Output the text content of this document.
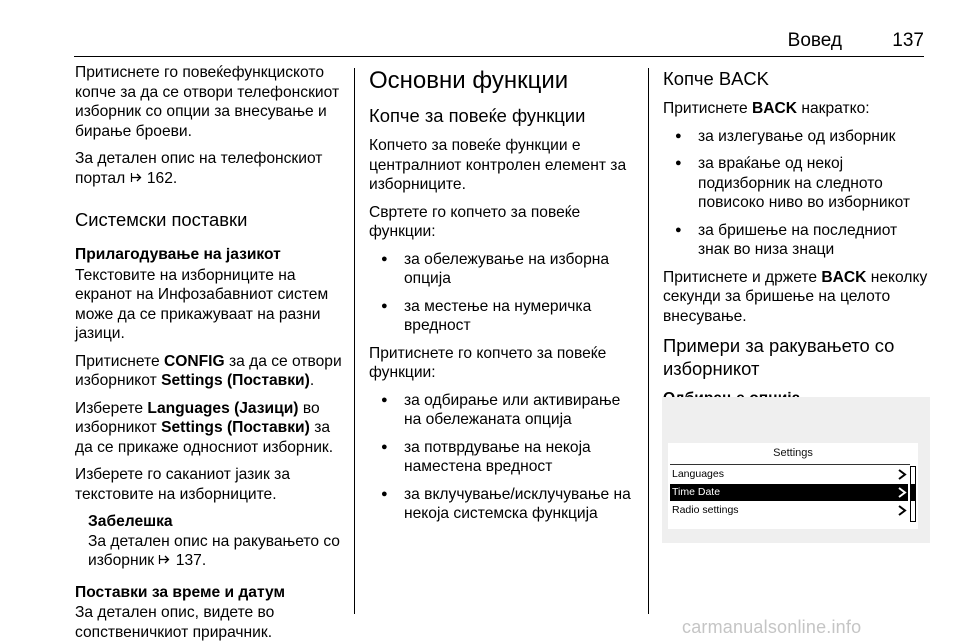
Вовед	137

Притиснете го повеќефункциското копче за да се отвори телефонскиот изборник со опции за внесување и бирање броеви.

За детален опис на телефонскиот портал 162.

Системски поставки
Прилагодување на јазикот

Текстовите на изборниците на екранот на Инфозабавниот систем може да се прикажуваат на разни јазици.

Притиснете CONFIG за да се отвори изборникот Settings (Поставки).

Изберете Languages (Јазици) во изборникот Settings (Поставки) за да се прикаже односниот изборник.

Изберете го саканиот јазик за текстовите на изборниците.

Забелешка
За детален опис на ракувањето со изборник 137.
Поставки за време и датум

За детален опис, видете во сопственичкиот прирачник.

Основни функции
Копче за повеќе функции

Копчето за повеќе функции е централниот контролен елемент за изборниците.

Свртете го копчето за повеќе функции:

● за обележување на изборна опција
● за местење на нумеричка вредност

Притиснете го копчето за повеќе функции:

● за одбирање или активирање на обележаната опција
● за потврдување на некоја наместена вредност
● за вклучување/исклучување на некоја системска функција
Копче BACK

Притиснете BACK накратко:

● за излегување од изборник
● за враќање од некој подизборник на следното повисоко ниво во изборникот
● за бришење на последниот знак во низа знаци

Притиснете и држете BACK неколку секунди за бришење на целото внесување.

Примери за ракувањето со изборникот
Settings
Languages
Time Date
Radio settings
carmanualsonline.info
